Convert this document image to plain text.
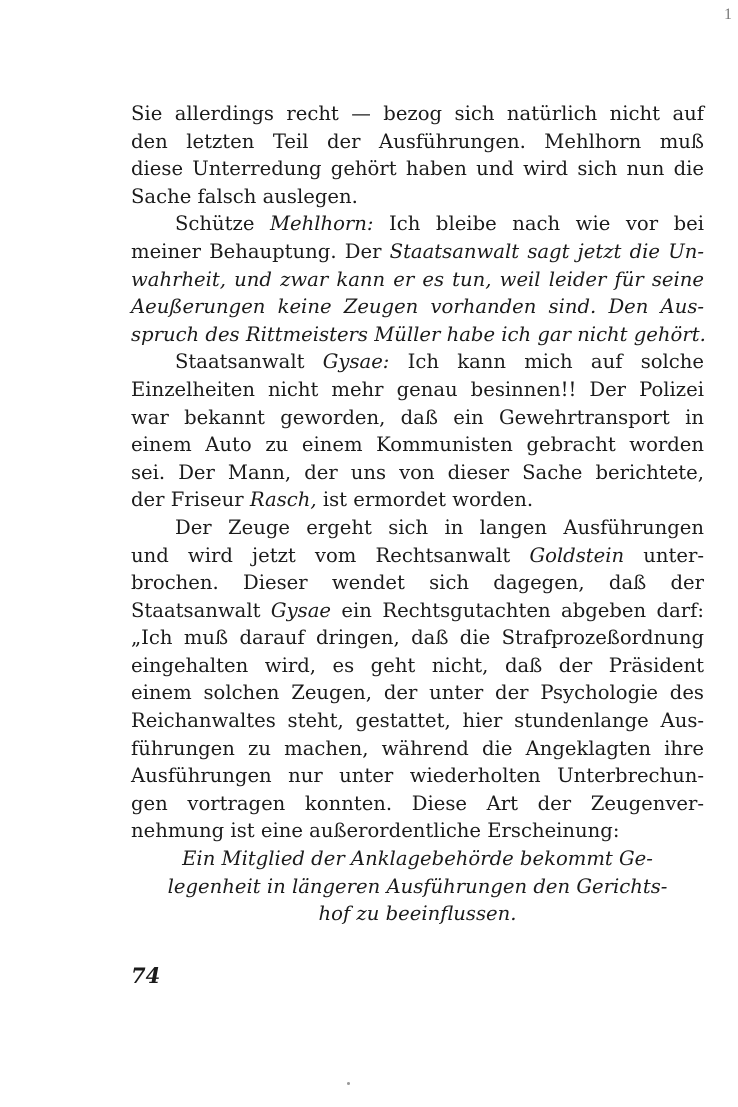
1
Sie allerdings recht — bezog sich natürlich nicht auf
den letzten Teil der Ausführungen. Mehlhorn muß
diese Unterredung gehört haben und wird sich nun die
Sache falsch auslegen.
Schütze Mehlhorn: Ich bleibe nach wie vor bei
meiner Behauptung. Der Staatsanwalt sagt jetzt die Un-
wahrheit, und zwar kann er es tun, weil leider für seine
Aeußerungen keine Zeugen vorhanden sind. Den Aus-
spruch des Rittmeisters Müller habe ich gar nicht gehört.
Staatsanwalt Gysae: Ich kann mich auf solche
Einzelheiten nicht mehr genau besinnen!! Der Polizei
war bekannt geworden, daß ein Gewehrtransport in
einem Auto zu einem Kommunisten gebracht worden
sei. Der Mann, der uns von dieser Sache berichtete,
der Friseur Rasch, ist ermordet worden.
Der Zeuge ergeht sich in langen Ausführungen
und wird jetzt vom Rechtsanwalt Goldstein unter-
brochen. Dieser wendet sich dagegen, daß der
Staatsanwalt Gysae ein Rechtsgutachten abgeben darf:
„Ich muß darauf dringen, daß die Strafprozeßordnung
eingehalten wird, es geht nicht, daß der Präsident
einem solchen Zeugen, der unter der Psychologie des
Reichanwaltes steht, gestattet, hier stundenlange Aus-
führungen zu machen, während die Angeklagten ihre
Ausführungen nur unter wiederholten Unterbrechun-
gen vortragen konnten. Diese Art der Zeugenver-
nehmung ist eine außerordentliche Erscheinung:
Ein Mitglied der Anklagebehörde bekommt Ge-
legenheit in längeren Ausführungen den Gerichts-
hof zu beeinflussen.
74
